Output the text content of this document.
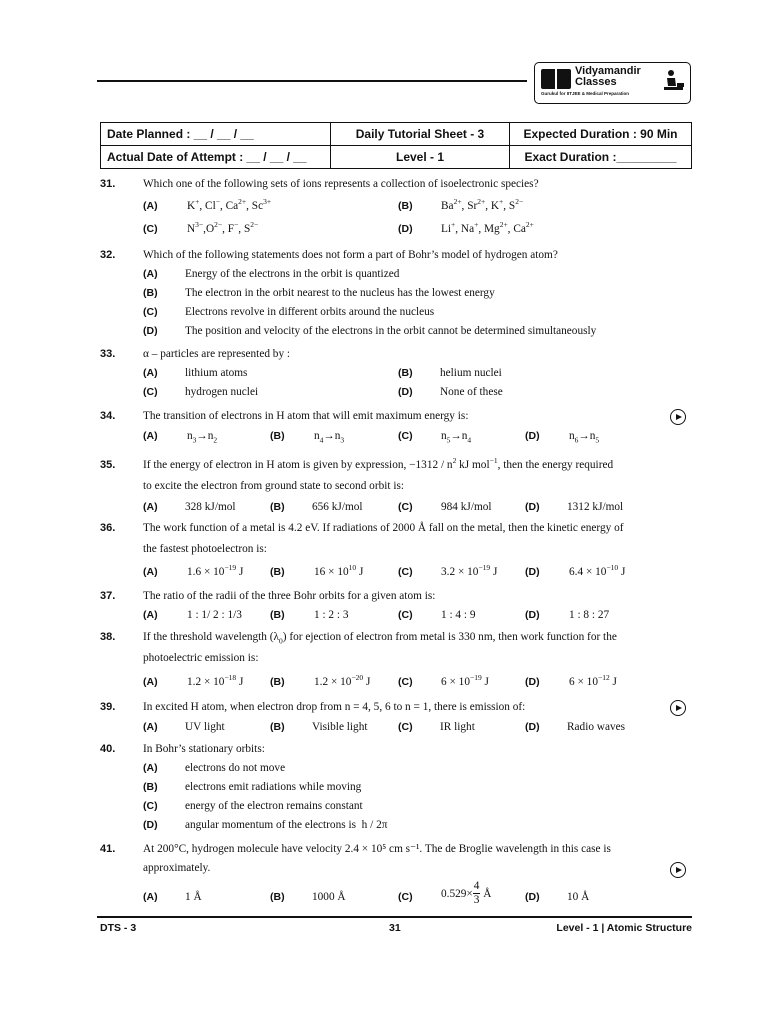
Vidyamandir
Classes
Gurukul for IITJEE & Medical Preparation
Date Planned : __ / __ / __	Daily Tutorial Sheet - 3	Expected Duration : 90 Min
Actual Date of Attempt : __ / __ / __	Level - 1	Exact Duration :_________
31. Which one of the following sets of ions represents a collection of isoelectronic species?
(A)	K+, Cl−, $Ca^{2+}$, $Sc^{3+}$	(B)	$Ba^{2+}$, $Sr^{2+}$, K+, $S^{2-}$
(C)	$N^{3-},O^{2-}$, F−, $S^{2-}$	(D)	Li+, Na+, $Mg^{2+}$, $Ca^{2+}$
32. Which of the following statements does not form a part of Bohr’s model of hydrogen atom?
(A) Energy of the electrons in the orbit is quantized
(B) The electron in the orbit nearest to the nucleus has the lowest energy
(C) Electrons revolve in different orbits around the nucleus
(D) The position and velocity of the electrons in the orbit cannot be determined simultaneously
33. α – particles are represented by :
(A) lithium atoms	(B) helium nuclei
(C) hydrogen nuclei	(D) None of these
34. The transition of electrons in H atom that will emit maximum energy is:
(A)	$n_3\to n_2$	(B)	$n_4\to n_3$	(C)	$n_5\to n_4$	(D)	$n_6\to n_5$
35. If the energy of electron in H atom is given by expression, $-1312 / n^2$ kJ mol$^{-1}$, then the energy required
to excite the electron from ground state to second orbit is:
(A) 328 kJ/mol	(B) 656 kJ/mol	(C)	984 kJ/mol	(D) 1312 kJ/mol
36. The work function of a metal is 4.2 eV. If radiations of 2000 Å fall on the metal, then the kinetic energy of
the fastest photoelectron is:
(A)	$1.6 \times 10^{-19}$ J	(B)	$16 \times 10^{10}$ J	(C)	$3.2 \times 10^{-19}$ J	(D)	$6.4 \times 10^{-10}$ J
37. The ratio of the radii of the three Bohr orbits for a given atom is:
(A)	1 : 1/ 2 : 1/3	(B)	1 : 2 : 3	(C)	1 : 4 : 9	(D)	1 : 8 : 27
38. If the threshold wavelength $(\lambda_0)$ for ejection of electron from metal is 330 nm, then work function for the
photoelectric emission is:
(A)	$1.2 \times 10^{-18}$ J	(B)	$1.2 \times 10^{-20}$ J	(C)	$6 \times 10^{-19}$ J	(D)	$6 \times 10^{-12}$ J
39. In excited H atom, when electron drop from n = 4, 5, 6 to n = 1, there is emission of:
(A) UV light	(B) Visible light	(C) IR light	(D) Radio waves
40. In Bohr’s stationary orbits:
(A) electrons do not move
(B) electrons emit radiations while moving
(C) energy of the electron remains constant
(D) angular momentum of the electrons is  h / 2π
41. At 200°C, hydrogen molecule have velocity 2.4 × 10⁵ cm s⁻¹. The de Broglie wavelength in this case is
approximately.
(A) 1 Å	(B) 1000 Å	(C)	$0.529\times \frac{4}{3}$ Å	(D) 10 Å
DTS - 3	31	Level - 1 | Atomic Structure
